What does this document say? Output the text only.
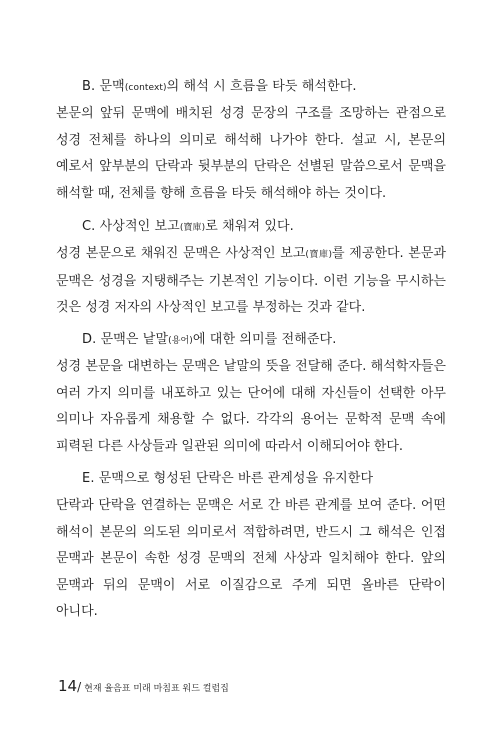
B. 문맥(context)의 해석 시 흐름을 타듯 해석한다.

본문의 앞뒤 문맥에 배치된 성경 문장의 구조를 조망하는 관점으로 성경 전체를 하나의 의미로 해석해 나가야 한다. 설교 시, 본문의 예로서 앞부분의 단락과 뒷부분의 단락은 선별된 말씀으로서 문맥을 해석할 때, 전체를 향해 흐름을 타듯 해석해야 하는 것이다.

C. 사상적인 보고(寶庫)로 채워져 있다.

성경 본문으로 채워진 문맥은 사상적인 보고(寶庫)를 제공한다. 본문과 문맥은 성경을 지탱해주는 기본적인 기능이다. 이런 기능을 무시하는 것은 성경 저자의 사상적인 보고를 부정하는 것과 같다.

D. 문맥은 낱말(용어)에 대한 의미를 전해준다.

성경 본문을 대변하는 문맥은 낱말의 뜻을 전달해 준다. 해석학자들은 여러 가지 의미를 내포하고 있는 단어에 대해 자신들이 선택한 아무 의미나 자유롭게 채용할 수 없다. 각각의 용어는 문학적 문맥 속에 피력된 다른 사상들과 일관된 의미에 따라서 이해되어야 한다.

E. 문맥으로 형성된 단락은 바른 관계성을 유지한다

단락과 단락을 연결하는 문맥은 서로 간 바른 관계를 보여 준다. 어떤 해석이 본문의 의도된 의미로서 적합하려면, 반드시 그 해석은 인접 문맥과 본문이 속한 성경 문맥의 전체 사상과 일치해야 한다. 앞의 문맥과 뒤의 문맥이 서로 이질감으로 주게 되면 올바른 단락이 아니다.

14/ 현재 율음표 미래 마침표 워드 컬럼집
